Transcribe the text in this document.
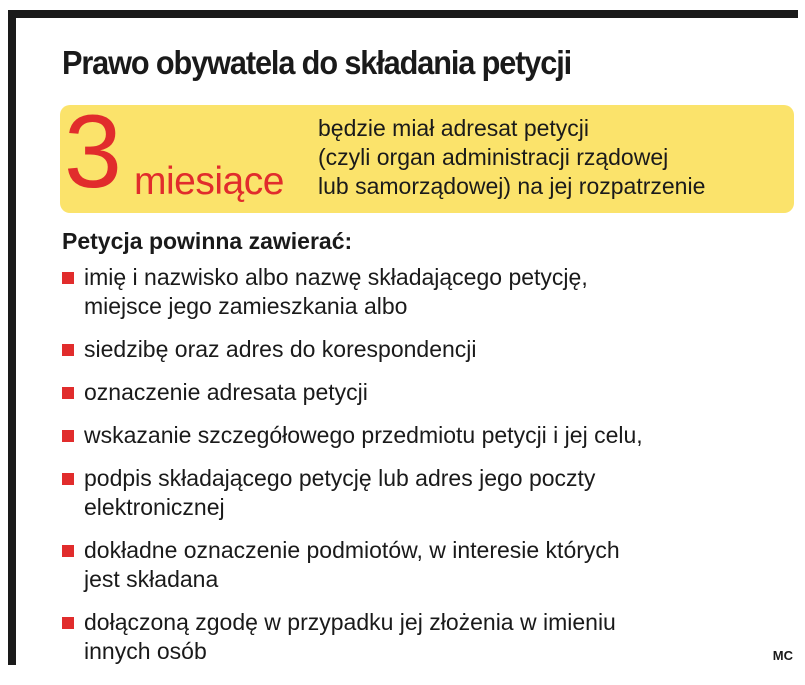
Prawo obywatela do składania petycji
3 miesiące
będzie miał adresat petycji
(czyli organ administracji rządowej
lub samorządowej) na jej rozpatrzenie
Petycja powinna zawierać:
imię i nazwisko albo nazwę składającego petycję,
miejsce jego zamieszkania albo
siedzibę oraz adres do korespondencji
oznaczenie adresata petycji
wskazanie szczegółowego przedmiotu petycji i jej celu,
podpis składającego petycję lub adres jego poczty
elektronicznej
dokładne oznaczenie podmiotów, w interesie których
jest składana
dołączoną zgodę w przypadku jej złożenia w imieniu
innych osób	MC
